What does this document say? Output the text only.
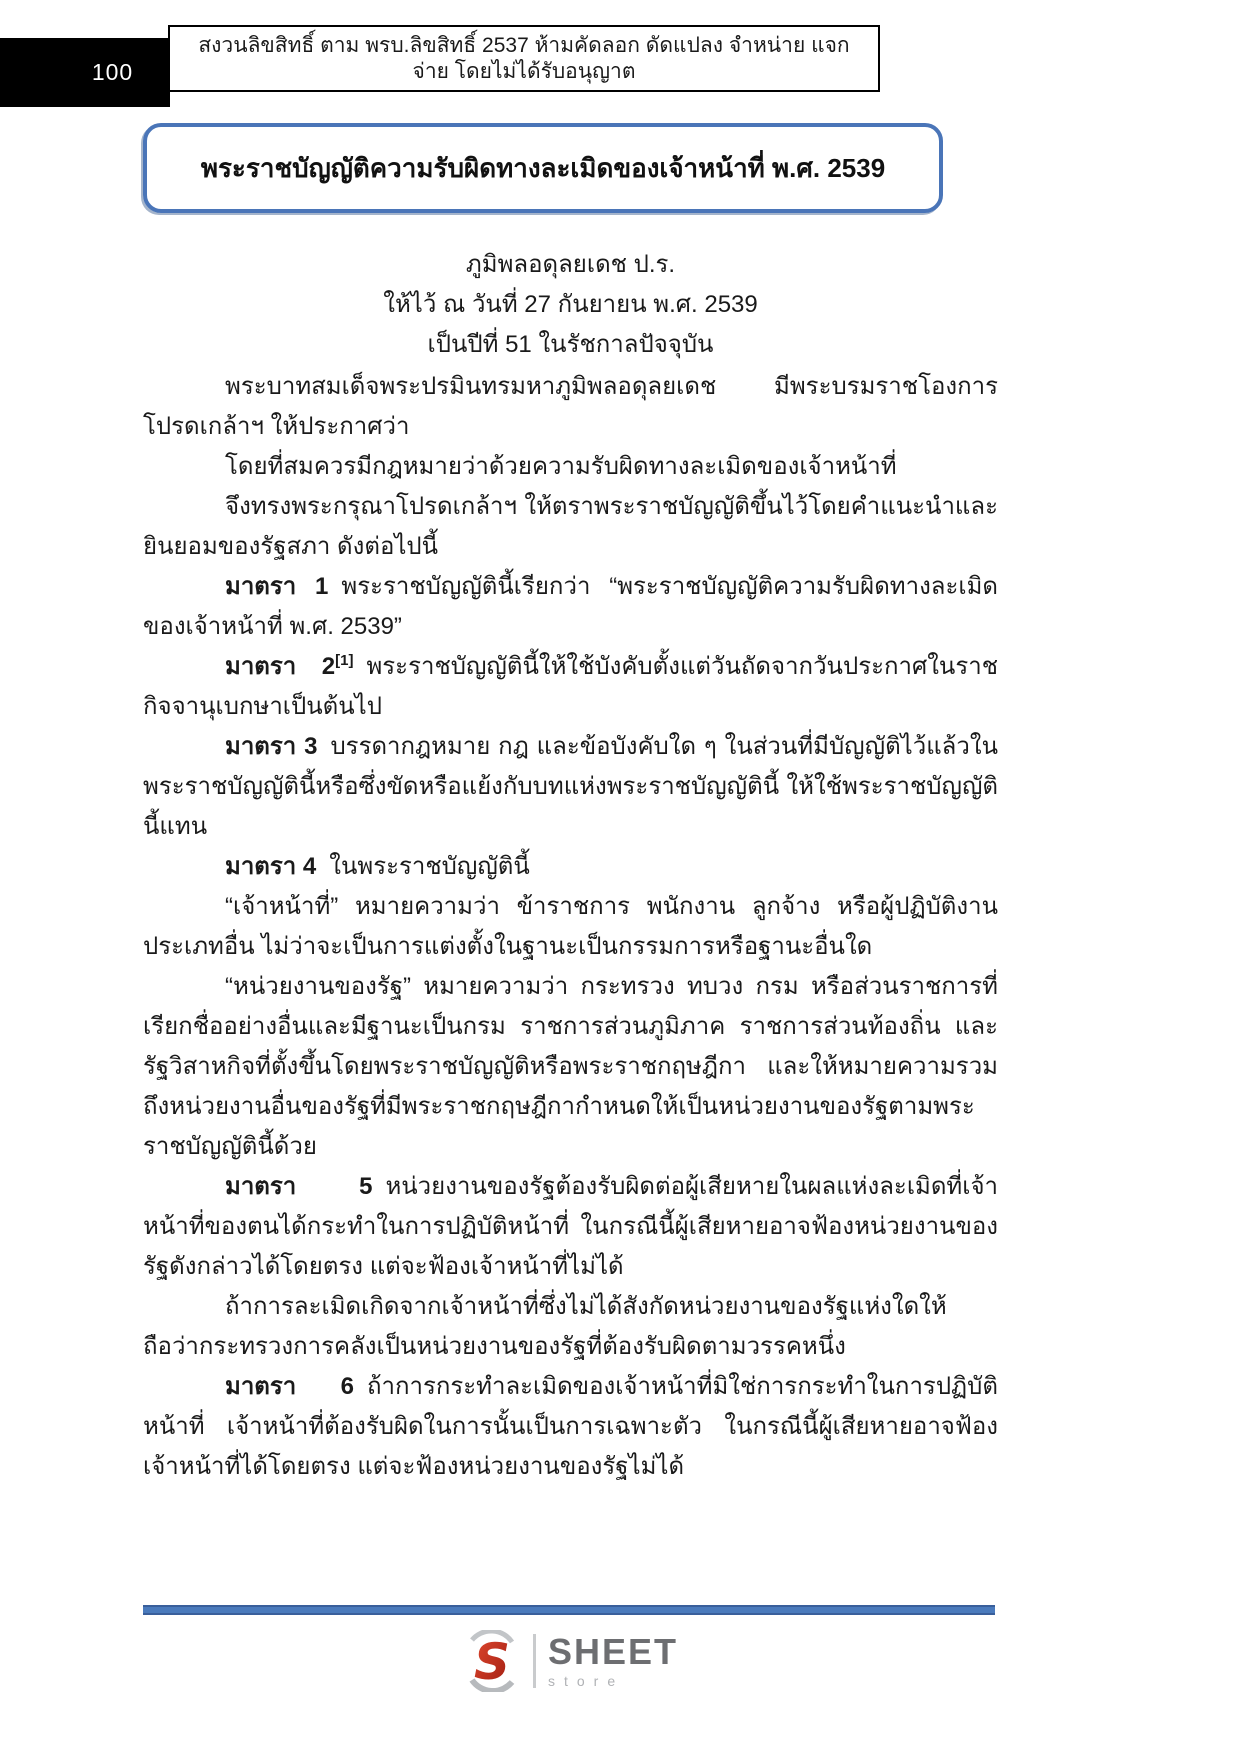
100
สงวนลิขสิทธิ์ ตาม พรบ.ลิขสิทธิ์ 2537 ห้ามคัดลอก ดัดแปลง จำหน่าย แจกจ่าย โดยไม่ได้รับอนุญาต
พระราชบัญญัติความรับผิดทางละเมิดของเจ้าหน้าที่ พ.ศ. 2539
ภูมิพลอดุลยเดช ป.ร.
ให้ไว้ ณ วันที่ 27 กันยายน พ.ศ. 2539
เป็นปีที่ 51 ในรัชกาลปัจจุบัน

พระบาทสมเด็จพระปรมินทรมหาภูมิพลอดุลยเดช มีพระบรมราชโองการโปรดเกล้าฯ ให้ประกาศว่า

โดยที่สมควรมีกฎหมายว่าด้วยความรับผิดทางละเมิดของเจ้าหน้าที่

จึงทรงพระกรุณาโปรดเกล้าฯ ให้ตราพระราชบัญญัติขึ้นไว้โดยคำแนะนำและยินยอมของรัฐสภา ดังต่อไปนี้

มาตรา 1 พระราชบัญญัตินี้เรียกว่า “พระราชบัญญัติความรับผิดทางละเมิดของเจ้าหน้าที่ พ.ศ. 2539”

มาตรา 2[1] พระราชบัญญัตินี้ให้ใช้บังคับตั้งแต่วันถัดจากวันประกาศในราชกิจจานุเบกษาเป็นต้นไป

มาตรา 3 บรรดากฎหมาย กฎ และข้อบังคับใด ๆ ในส่วนที่มีบัญญัติไว้แล้วในพระราชบัญญัตินี้หรือซึ่งขัดหรือแย้งกับบทแห่งพระราชบัญญัตินี้ ให้ใช้พระราชบัญญัตินี้แทน

มาตรา 4 ในพระราชบัญญัตินี้

“เจ้าหน้าที่” หมายความว่า ข้าราชการ พนักงาน ลูกจ้าง หรือผู้ปฏิบัติงานประเภทอื่น ไม่ว่าจะเป็นการแต่งตั้งในฐานะเป็นกรรมการหรือฐานะอื่นใด

“หน่วยงานของรัฐ” หมายความว่า กระทรวง ทบวง กรม หรือส่วนราชการที่เรียกชื่ออย่างอื่นและมีฐานะเป็นกรม ราชการส่วนภูมิภาค ราชการส่วนท้องถิ่น และรัฐวิสาหกิจที่ตั้งขึ้นโดยพระราชบัญญัติหรือพระราชกฤษฎีกา และให้หมายความรวมถึงหน่วยงานอื่นของรัฐที่มีพระราชกฤษฎีกากำหนดให้เป็นหน่วยงานของรัฐตามพระราชบัญญัตินี้ด้วย

มาตรา 5 หน่วยงานของรัฐต้องรับผิดต่อผู้เสียหายในผลแห่งละเมิดที่เจ้าหน้าที่ของตนได้กระทำในการปฏิบัติหน้าที่ ในกรณีนี้ผู้เสียหายอาจฟ้องหน่วยงานของรัฐดังกล่าวได้โดยตรง แต่จะฟ้องเจ้าหน้าที่ไม่ได้

ถ้าการละเมิดเกิดจากเจ้าหน้าที่ซึ่งไม่ได้สังกัดหน่วยงานของรัฐแห่งใดให้ถือว่ากระทรวงการคลังเป็นหน่วยงานของรัฐที่ต้องรับผิดตามวรรคหนึ่ง

มาตรา 6 ถ้าการกระทำละเมิดของเจ้าหน้าที่มิใช่การกระทำในการปฏิบัติหน้าที่ เจ้าหน้าที่ต้องรับผิดในการนั้นเป็นการเฉพาะตัว ในกรณีนี้ผู้เสียหายอาจฟ้องเจ้าหน้าที่ได้โดยตรง แต่จะฟ้องหน่วยงานของรัฐไม่ได้

S SHEET
store
